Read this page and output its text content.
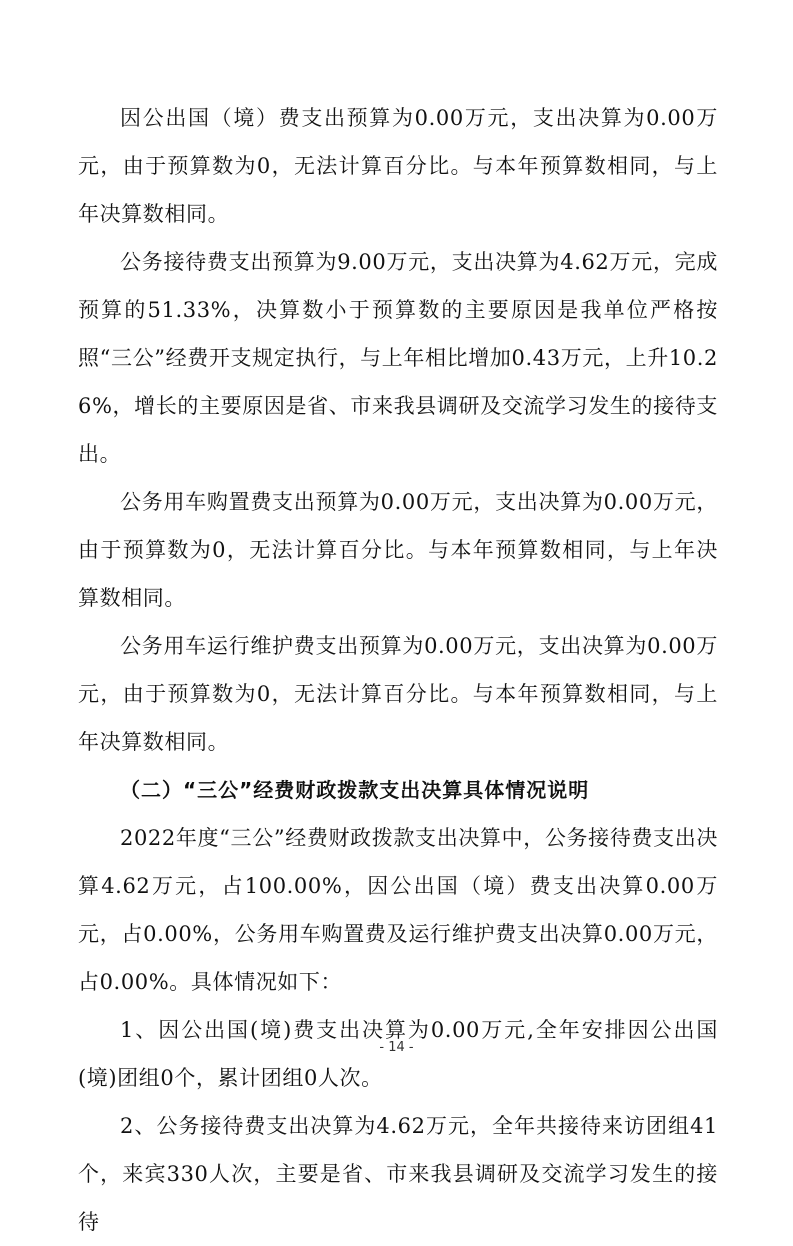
因公出国（境）费支出预算为0.00万元，支出决算为0.00万元，由于预算数为0，无法计算百分比。与本年预算数相同，与上年决算数相同。

公务接待费支出预算为9.00万元，支出决算为4.62万元，完成预算的51.33%，决算数小于预算数的主要原因是我单位严格按照“三公”经费开支规定执行，与上年相比增加0.43万元，上升10.26%，增长的主要原因是省、市来我县调研及交流学习发生的接待支出。

公务用车购置费支出预算为0.00万元，支出决算为0.00万元，由于预算数为0，无法计算百分比。与本年预算数相同，与上年决算数相同。

公务用车运行维护费支出预算为0.00万元，支出决算为0.00万元，由于预算数为0，无法计算百分比。与本年预算数相同，与上年决算数相同。

（二）“三公”经费财政拨款支出决算具体情况说明

2022年度“三公”经费财政拨款支出决算中，公务接待费支出决算4.62万元，占100.00%，因公出国（境）费支出决算0.00万元，占0.00%，公务用车购置费及运行维护费支出决算0.00万元，占0.00%。具体情况如下：

1、因公出国(境)费支出决算为0.00万元,全年安排因公出国(境)团组0个，累计团组0人次。

2、公务接待费支出决算为4.62万元，全年共接待来访团组41个，来宾330人次，主要是省、市来我县调研及交流学习发生的接待

- 14 -
